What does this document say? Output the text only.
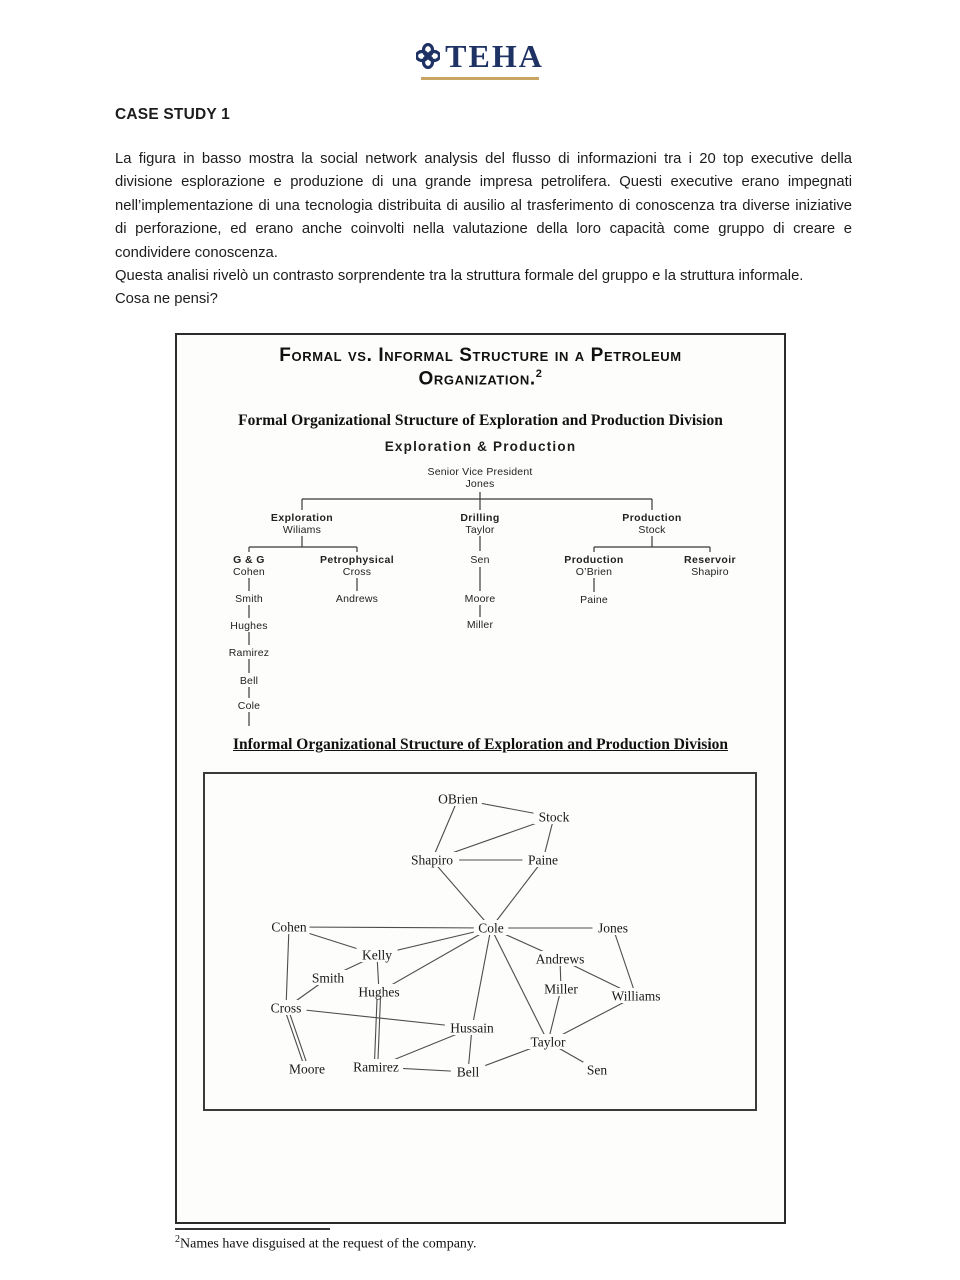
TEHA
CASE STUDY 1

La figura in basso mostra la social network analysis del flusso di informazioni tra i 20 top executive della divisione esplorazione e produzione di una grande impresa petrolifera. Questi executive erano impegnati nell’implementazione di una tecnologia distribuita di ausilio al trasferimento di conoscenza tra diverse iniziative di perforazione, ed erano anche coinvolti nella valutazione della loro capacità come gruppo di creare e condividere conoscenza.

Questa analisi rivelò un contrasto sorprendente tra la struttura formale del gruppo e la struttura informale.

Cosa ne pensi?

Formal vs. Informal Structure in a Petroleum
Organization.$^2$
Formal Organizational Structure of Exploration and Production Division
Exploration & Production
Senior Vice President
Jones
Exploration
Wiliams
Drilling
Taylor
Production
Stock
G & G
Cohen
Petrophysical
Cross
Sen	Production
O’Brien
Reservoir
Shapiro
Smith	Andrews	Moore	Paine
Hughes	Miller
Ramirez
Bell
Cole
Informal Organizational Structure of Exploration and Production Division
OBrien
Stock
Shapiro	Paine
Cohen	Cole	Jones
Kelly	Andrews
Smith
Hughes	Miller Williams
Cross
Hussain
Taylor
Moore Ramirez	Bell	Sen

$^2$Names have disguised at the request of the company.
